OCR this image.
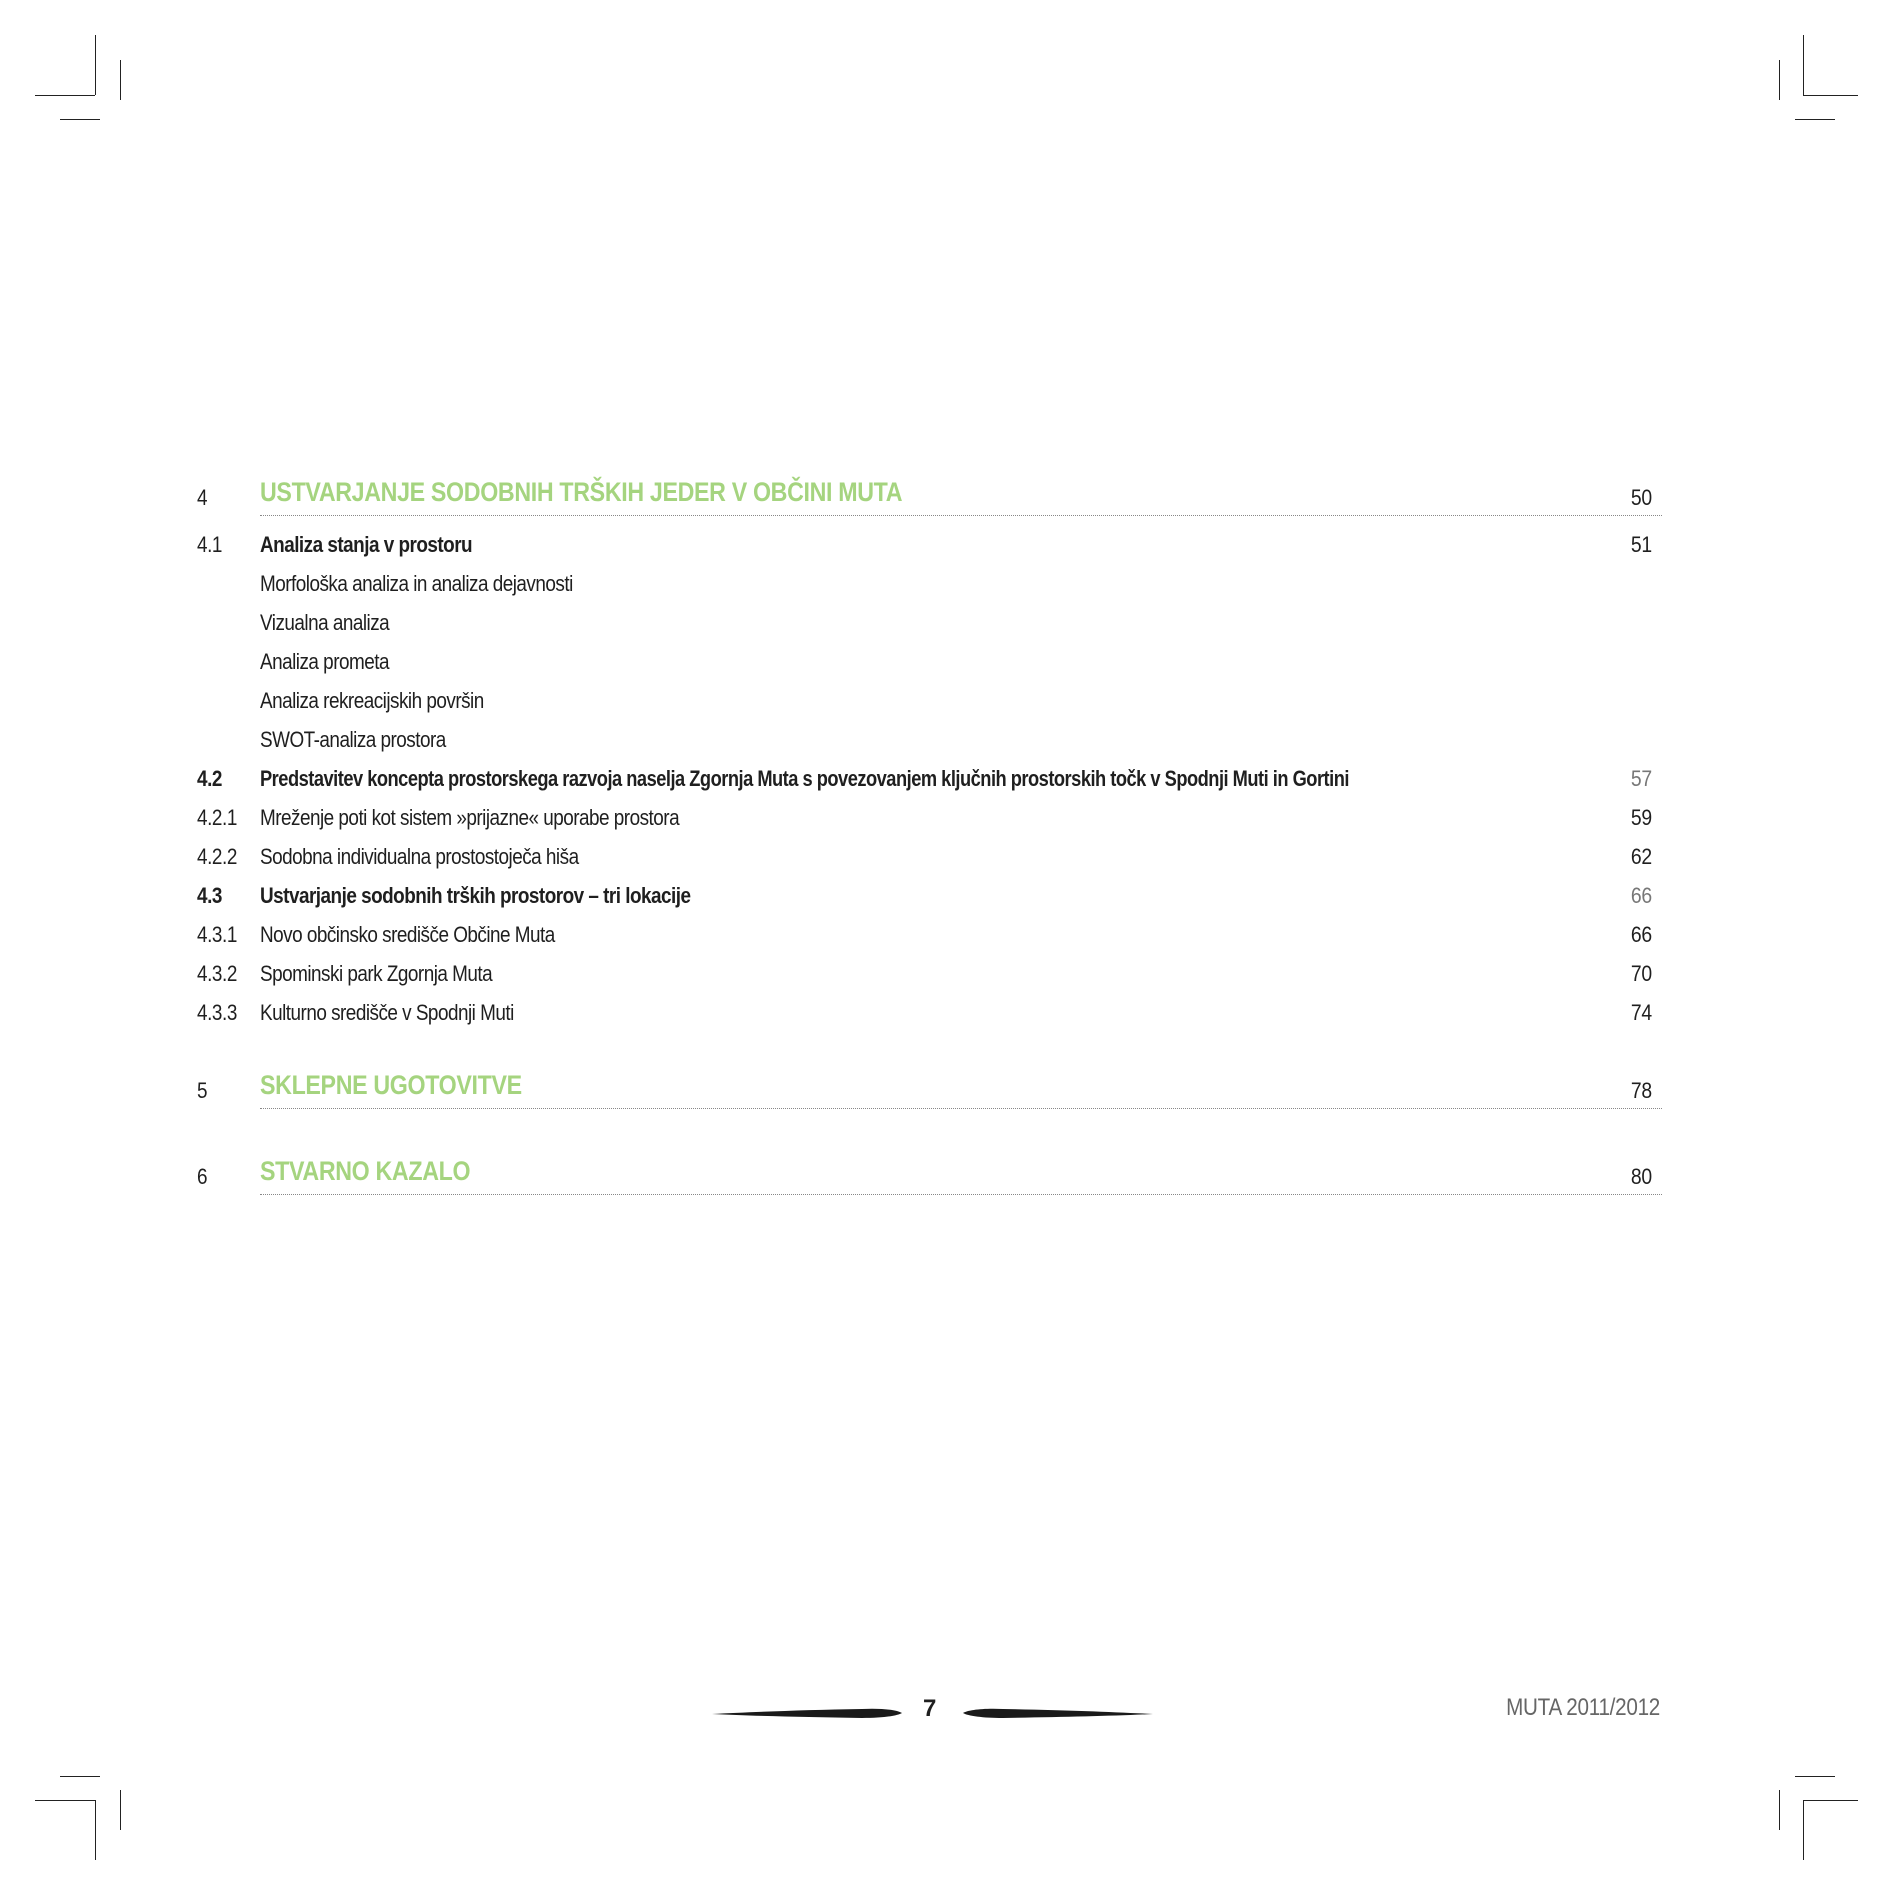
4 USTVARJANJE SODOBNIH TRŠKIH JEDER V OBČINI MUTA	50
4.1 Analiza stanja v prostoru	51
Morfološka analiza in analiza dejavnosti
Vizualna analiza
Analiza prometa
Analiza rekreacijskih površin
SWOT-analiza prostora
4.2 Predstavitev koncepta prostorskega razvoja naselja Zgornja Muta s povezovanjem ključnih prostorskih točk v Spodnji Muti in Gortini	57
4.2.1 Mreženje poti kot sistem »prijazne« uporabe prostora	59
4.2.2 Sodobna individualna prostostoječa hiša	62
4.3 Ustvarjanje sodobnih trških prostorov – tri lokacije	66
4.3.1 Novo občinsko središče Občine Muta	66
4.3.2 Spominski park Zgornja Muta	70
4.3.3 Kulturno središče v Spodnji Muti	74
5 SKLEPNE UGOTOVITVE	78
6 STVARNO KAZALO	80
7	MUTA 2011/2012
